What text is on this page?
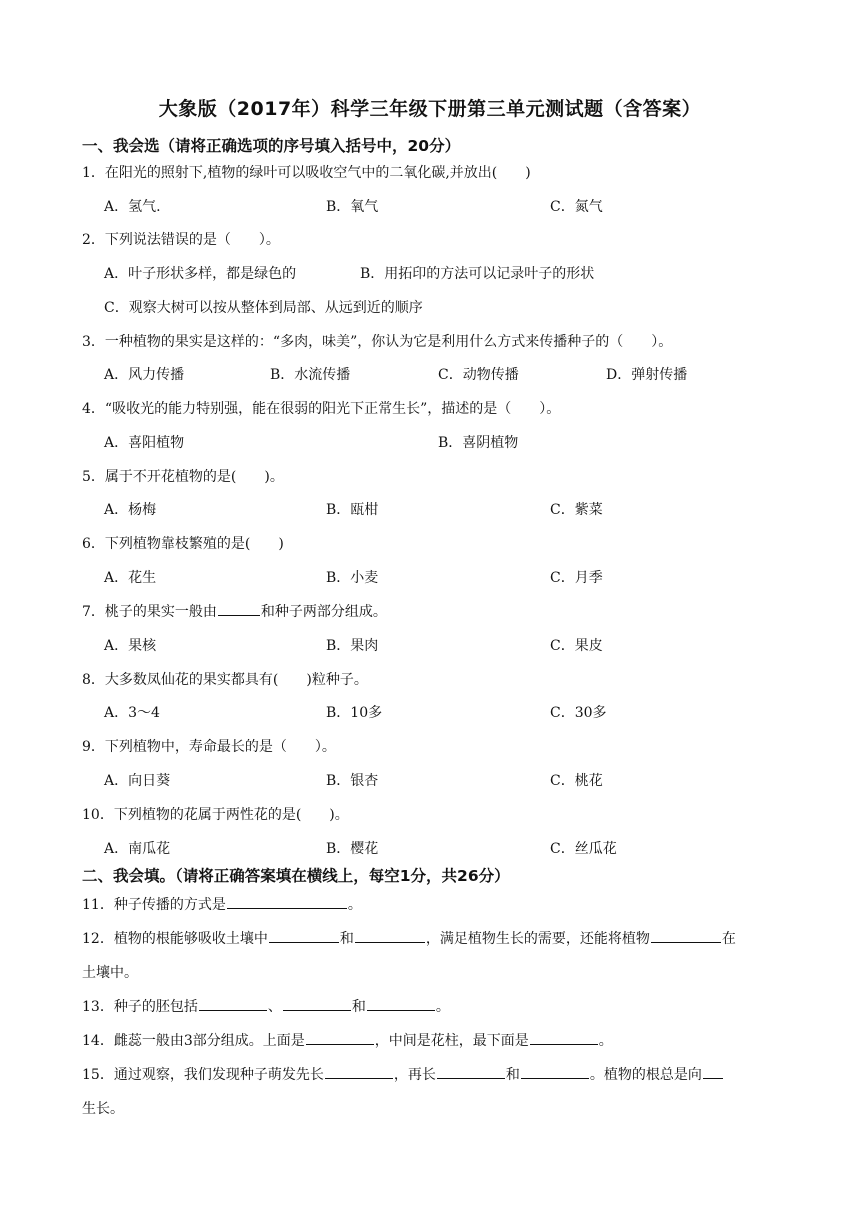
大象版（2017年）科学三年级下册第三单元测试题（含答案）
一、我会选（请将正确选项的序号填入括号中，20分）
1．在阳光的照射下,植物的绿叶可以吸收空气中的二氧化碳,并放出(　　)
A．氢气.	B．氧气	C．氮气
2．下列说法错误的是（　　）。
A．叶子形状多样，都是绿色的	B．用拓印的方法可以记录叶子的形状
C．观察大树可以按从整体到局部、从远到近的顺序
3．一种植物的果实是这样的：“多肉，味美”，你认为它是利用什么方式来传播种子的（　　）。
A．风力传播	B．水流传播	C．动物传播	D．弹射传播
4．“吸收光的能力特别强，能在很弱的阳光下正常生长”，描述的是（　　）。
A．喜阳植物	B．喜阴植物
5．属于不开花植物的是(　　)。
A．杨梅	B．瓯柑	C．紫菜
6．下列植物靠枝繁殖的是(　　)
A．花生	B．小麦	C．月季
7．桃子的果实一般由	和种子两部分组成。
A．果核	B．果肉	C．果皮
8．大多数凤仙花的果实都具有(　　)粒种子。
A．3～4	B．10多	C．30多
9．下列植物中，寿命最长的是（　　）。
A．向日葵	B．银杏	C．桃花
10．下列植物的花属于两性花的是(　　)。
A．南瓜花	B．樱花	C．丝瓜花
二、我会填。（请将正确答案填在横线上，每空1分，共26分）
11．种子传播的方式是	。
12．植物的根能够吸收土壤中	和	，满足植物生长的需要，还能将植物	在
土壤中。
13．种子的胚包括	、	和	。
14．雌蕊一般由3部分组成。上面是	，中间是花柱，最下面是	。
15．通过观察，我们发现种子萌发先长	，再长	和	。植物的根总是向
生长。
